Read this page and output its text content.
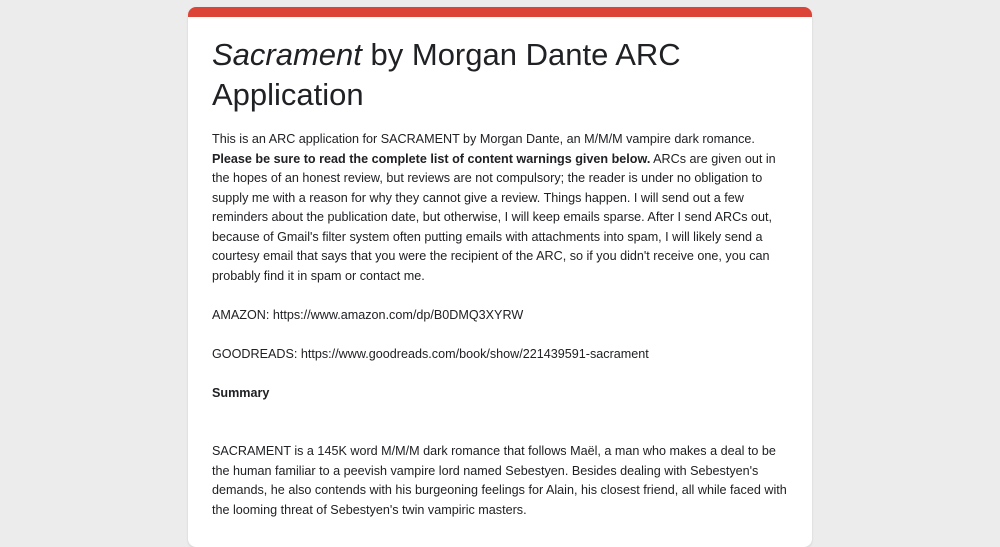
Sacrament by Morgan Dante ARC Application

This is an ARC application for SACRAMENT by Morgan Dante, an M/M/M vampire dark romance. Please be sure to read the complete list of content warnings given below. ARCs are given out in the hopes of an honest review, but reviews are not compulsory; the reader is under no obligation to supply me with a reason for why they cannot give a review. Things happen. I will send out a few reminders about the publication date, but otherwise, I will keep emails sparse. After I send ARCs out, because of Gmail's filter system often putting emails with attachments into spam, I will likely send a courtesy email that says that you were the recipient of the ARC, so if you didn't receive one, you can probably find it in spam or contact me.

AMAZON: https://www.amazon.com/dp/B0DMQ3XYRW

GOODREADS: https://www.goodreads.com/book/show/221439591-sacrament

Summary

SACRAMENT is a 145K word M/M/M dark romance that follows Maël, a man who makes a deal to be the human familiar to a peevish vampire lord named Sebestyen. Besides dealing with Sebestyen's demands, he also contends with his burgeoning feelings for Alain, his closest friend, all while faced with the looming threat of Sebestyen's twin vampiric masters.
